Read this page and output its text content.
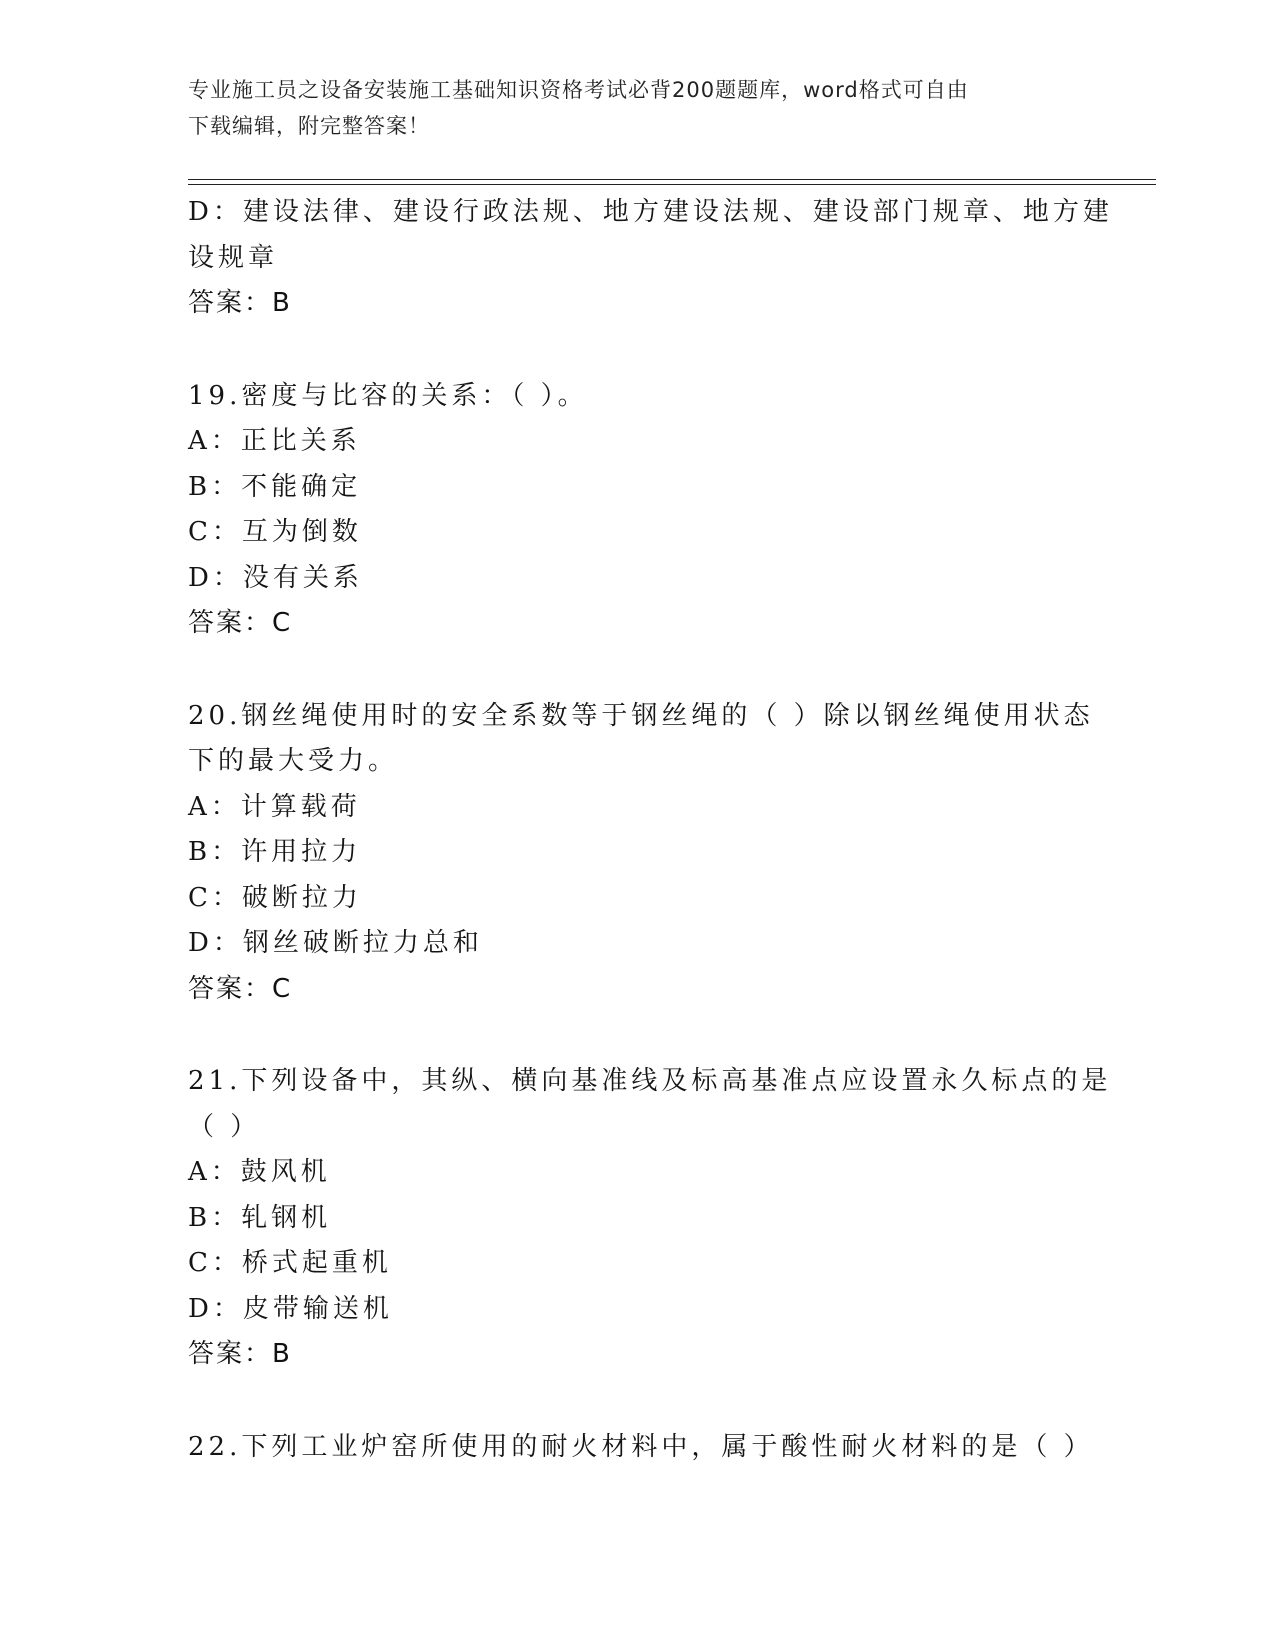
专业施工员之设备安装施工基础知识资格考试必背200题题库，word格式可自由
下载编辑，附完整答案！
D：建设法律、建设行政法规、地方建设法规、建设部门规章、地方建
设规章
答案：B
19.密度与比容的关系：（ ）。
A：正比关系
B：不能确定
C：互为倒数
D：没有关系
答案：C
20.钢丝绳使用时的安全系数等于钢丝绳的（ ）除以钢丝绳使用状态
下的最大受力。
A：计算载荷
B：许用拉力
C：破断拉力
D：钢丝破断拉力总和
答案：C
21.下列设备中，其纵、横向基准线及标高基准点应设置永久标点的是
（ ）
A：鼓风机
B：轧钢机
C：桥式起重机
D：皮带输送机
答案：B
22.下列工业炉窑所使用的耐火材料中，属于酸性耐火材料的是（ ）
